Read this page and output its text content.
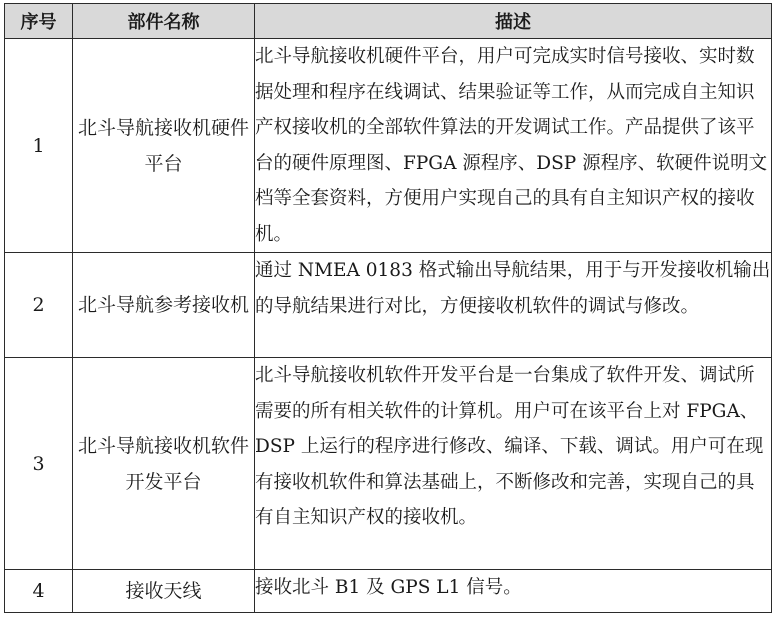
序号	部件名称	描述
1	北斗导航接收机硬件平台	北斗导航接收机硬件平台，用户可完成实时信号接收、实时数据处理和程序在线调试、结果验证等工作，从而完成自主知识产权接收机的全部软件算法的开发调试工作。产品提供了该平台的硬件原理图、FPGA 源程序、DSP 源程序、软硬件说明文档等全套资料，方便用户实现自己的具有自主知识产权的接收机。
2	北斗导航参考接收机	通过 NMEA 0183 格式输出导航结果，用于与开发接收机输出的导航结果进行对比，方便接收机软件的调试与修改。
3	北斗导航接收机软件开发平台	北斗导航接收机软件开发平台是一台集成了软件开发、调试所需要的所有相关软件的计算机。用户可在该平台上对 FPGA、DSP 上运行的程序进行修改、编译、下载、调试。用户可在现有接收机软件和算法基础上，不断修改和完善，实现自己的具有自主知识产权的接收机。
4	接收天线	接收北斗 B1 及 GPS L1 信号。
